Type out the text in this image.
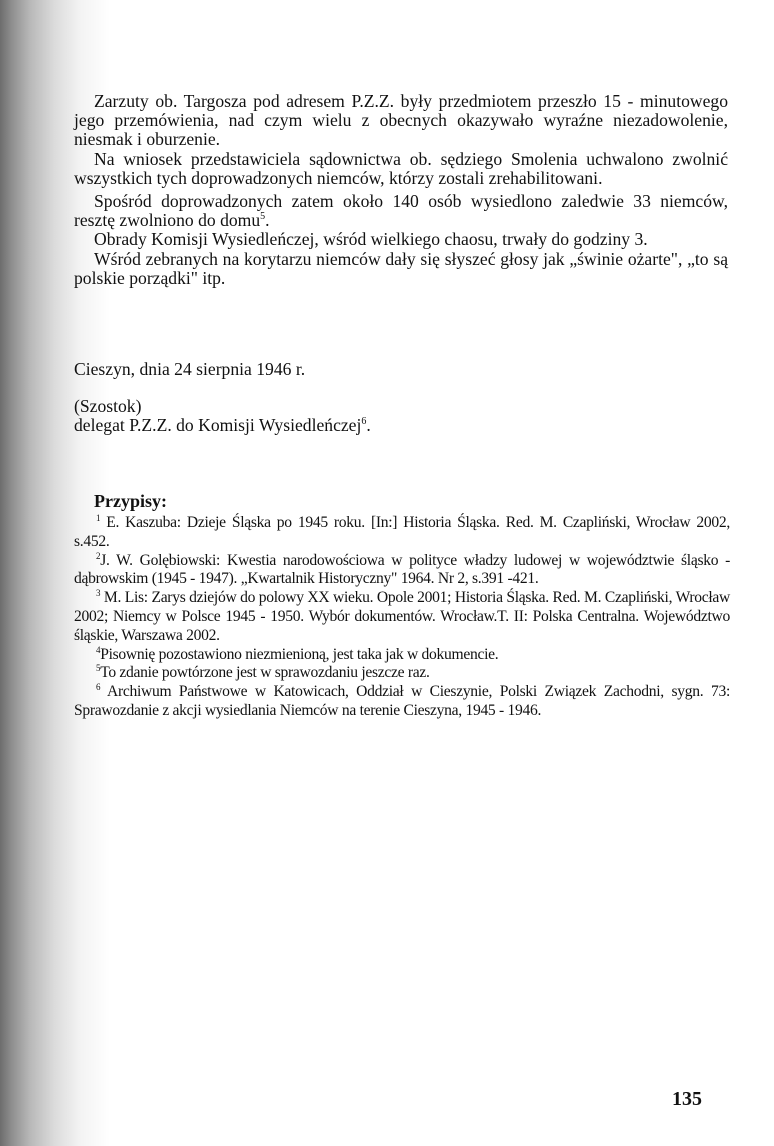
Zarzuty ob. Targosza pod adresem P.Z.Z. były przedmiotem przeszło 15 - minutowego jego przemówienia, nad czym wielu z obecnych okazywało wyraźne niezadowolenie, niesmak i oburzenie.

Na wniosek przedstawiciela sądownictwa ob. sędziego Smolenia uchwalono zwolnić wszystkich tych doprowadzonych niemców, którzy zostali zrehabilitowani.

Spośród doprowadzonych zatem około 140 osób wysiedlono zaledwie 33 niemców, resztę zwolniono do domu$^5$.

Obrady Komisji Wysiedleńczej, wśród wielkiego chaosu, trwały do godziny 3.

Wśród zebranych na korytarzu niemców dały się słyszeć głosy jak „świnie ożarte", „to są polskie porządki" itp.

Cieszyn, dnia 24 sierpnia 1946 r.

(Szostok)

delegat P.Z.Z. do Komisji Wysiedleńczej$^6$.

Przypisy:

$^1$ E. Kaszuba: Dzieje Śląska po 1945 roku. [In:] Historia Śląska. Red. M. Czapliński, Wrocław 2002, s.452.

$^2$J. W. Golębiowski: Kwestia narodowościowa w polityce władzy ludowej w województwie śląsko - dąbrowskim (1945 - 1947). „Kwartalnik Historyczny" 1964. Nr 2, s.391 -421.

$^3$ M. Lis: Zarys dziejów do polowy XX wieku. Opole 2001; Historia Śląska. Red. M. Czapliński, Wrocław 2002; Niemcy w Polsce 1945 - 1950. Wybór dokumentów. Wrocław.T. II: Polska Centralna. Województwo śląskie, Warszawa 2002.

$^4$Pisownię pozostawiono niezmienioną, jest taka jak w dokumencie.

$^5$To zdanie powtórzone jest w sprawozdaniu jeszcze raz.

$^6$ Archiwum Państwowe w Katowicach, Oddział w Cieszynie, Polski Związek Zachodni, sygn. 73: Sprawozdanie z akcji wysiedlania Niemców na terenie Cieszyna, 1945 - 1946.

135
